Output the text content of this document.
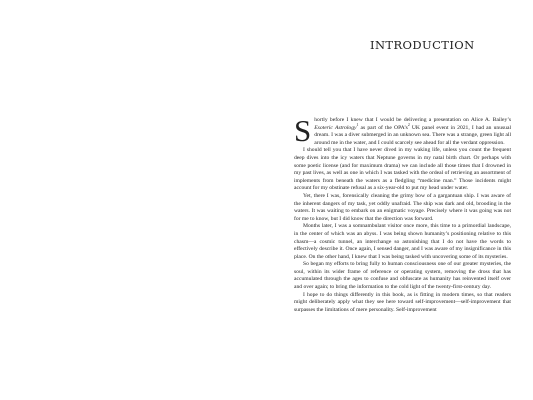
INTRODUCTION

Shortly before I knew that I would be delivering a presentation on Alice A. Bailey’s Esoteric Astrology$^1$ as part of the $OPA’s^2$ UK panel event in 2021, I had an unusual dream. I was a diver submerged in an unknown sea. There was a strange, green light all around me in the water, and I could scarcely see ahead for all the verdant oppression.

I should tell you that I have never dived in my waking life, unless you count the frequent deep dives into the icy waters that Neptune governs in my natal birth chart. Or perhaps with some poetic license (and for maximum drama) we can include all those times that I drowned in my past lives, as well as one in which I was tasked with the ordeal of retrieving an assortment of implements from beneath the waters as a fledgling “medicine man.” Those incidents might account for my obstinate refusal as a six-year-old to put my head under water.

Yet, there I was, forensically cleaning the grimy bow of a gargantuan ship. I was aware of the inherent dangers of my task, yet oddly unafraid. The ship was dark and old, brooding in the waters. It was waiting to embark on an enigmatic voyage. Precisely where it was going was not for me to know, but I did know that the direction was forward.

Months later, I was a somnambulant visitor once more, this time to a primordial landscape, in the center of which was an abyss. I was being shown humanity’s positioning relative to this chasm—a cosmic tunnel, an interchange so astonishing that I do not have the words to effectively describe it. Once again, I sensed danger, and I was aware of my insignificance in this place. On the other hand, I knew that I was being tasked with uncovering some of its mysteries.

So began my efforts to bring fully to human consciousness one of our greater mysteries, the soul, within its wider frame of reference or operating system, removing the dross that has accumulated through the ages to confuse and obfuscate as humanity has reinvented itself over and over again; to bring the information to the cold light of the twenty-first-century day.

I hope to do things differently in this book, as is fitting in modern times, so that readers might deliberately apply what they see here toward self-improvement—self-improvement that surpasses the limitations of mere personality. Self-improvement
